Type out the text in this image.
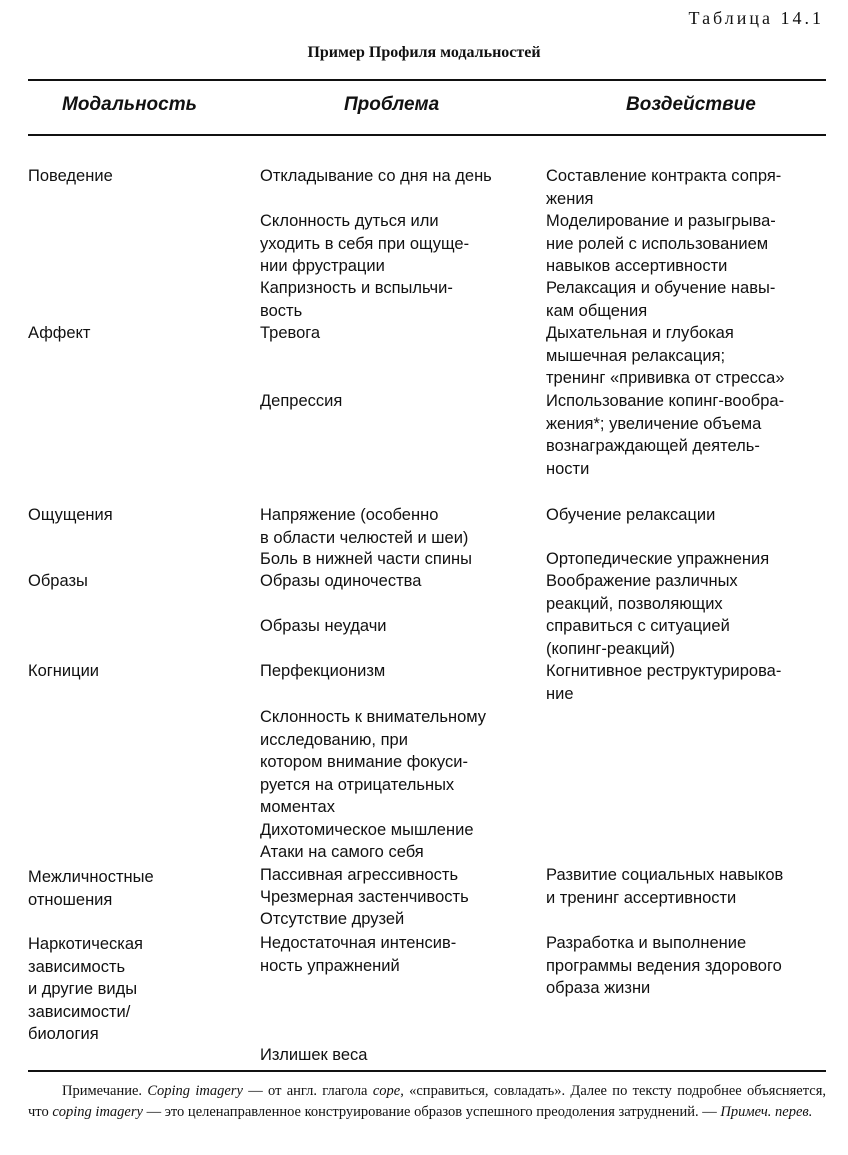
Таблица 14.1
Пример Профиля модальностей
Модальность	Проблема	Воздействие
Поведение
Аффект
Ощущения
Образы
Когниции
Межличностные
отношения
Наркотическая
зависимость
и другие виды
зависимости/
биология
Откладывание со дня на день
Склонность дуться или
уходить в себя при ощуще-
нии фрустрации
Капризность и вспыльчи-
вость
Тревога
Депрессия
Напряжение (особенно
в области челюстей и шеи)
Боль в нижней части спины
Образы одиночества
Образы неудачи
Перфекционизм
Склонность к внимательному
исследованию, при
котором внимание фокуси-
руется на отрицательных
моментах
Дихотомическое мышление
Атаки на самого себя
Пассивная агрессивность
Чрезмерная застенчивость
Отсутствие друзей
Недостаточная интенсив-
ность упражнений
Излишек веса
Составление контракта сопря-
жения
Моделирование и разыгрыва-
ние ролей с использованием
навыков ассертивности
Релаксация и обучение навы-
кам общения
Дыхательная и глубокая
мышечная релаксация;
тренинг «прививка от стресса»
Использование копинг-вообра-
жения*; увеличение объема
вознаграждающей деятель-
ности
Обучение релаксации
Ортопедические упражнения
Воображение различных
реакций, позволяющих
справиться с ситуацией
(копинг-реакций)
Когнитивное реструктурирова-
ние
Развитие социальных навыков
и тренинг ассертивности
Разработка и выполнение
программы ведения здорового
образа жизни
Примечание. Coping imagery — от англ. глагола cope, «справиться, совладать». Далее по тексту подробнее объясняется, что coping imagery — это целенаправленное конструирование образов успешного преодоления затруднений. — Примеч. перев.
